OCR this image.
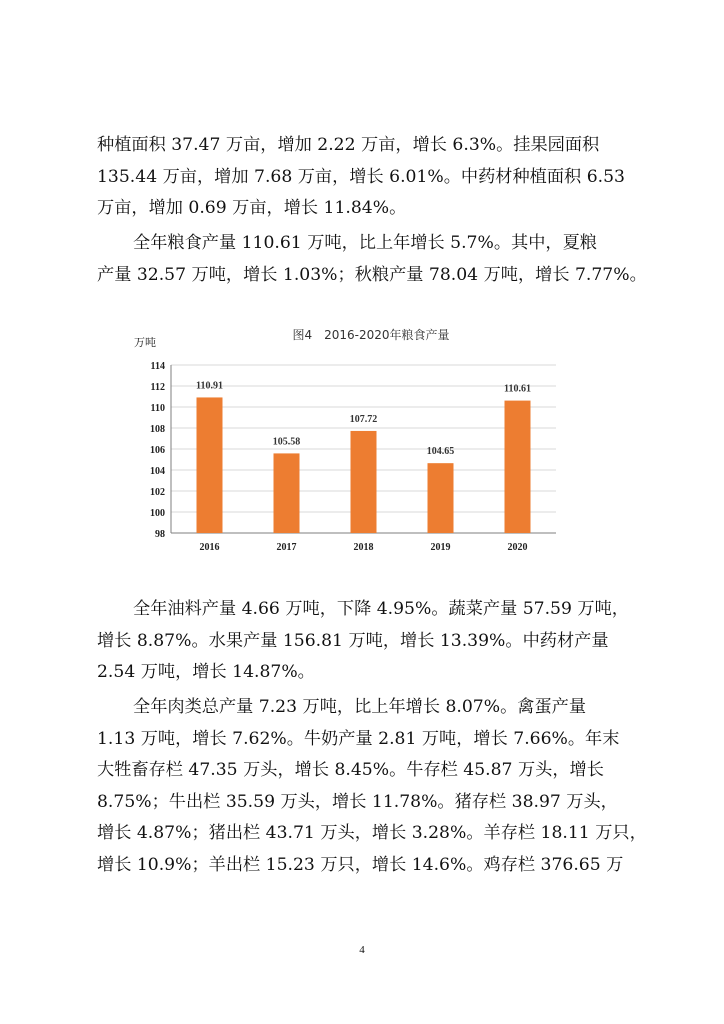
种植面积 37.47 万亩，增加 2.22 万亩，增长 6.3%。挂果园面积
135.44 万亩，增加 7.68 万亩，增长 6.01%。中药材种植面积 6.53
万亩，增加 0.69 万亩，增长 11.84%。
全年粮食产量 110.61 万吨，比上年增长 5.7%。其中，夏粮
产量 32.57 万吨，增长 1.03%；秋粮产量 78.04 万吨，增长 7.77%。
图4　2016-2020年粮食产量
万吨
98
100
102
104
106
108
110
112
114
110.91
105.58
107.72
104.65
110.61
2016	2017	2018	2019	2020
全年油料产量 4.66 万吨，下降 4.95%。蔬菜产量 57.59 万吨，
增长 8.87%。水果产量 156.81 万吨，增长 13.39%。中药材产量
2.54 万吨，增长 14.87%。
全年肉类总产量 7.23 万吨，比上年增长 8.07%。禽蛋产量
1.13 万吨，增长 7.62%。牛奶产量 2.81 万吨，增长 7.66%。年末
大牲畜存栏 47.35 万头，增长 8.45%。牛存栏 45.87 万头，增长
8.75%；牛出栏 35.59 万头，增长 11.78%。猪存栏 38.97 万头，
增长 4.87%；猪出栏 43.71 万头，增长 3.28%。羊存栏 18.11 万只，
增长 10.9%；羊出栏 15.23 万只，增长 14.6%。鸡存栏 376.65 万
4
